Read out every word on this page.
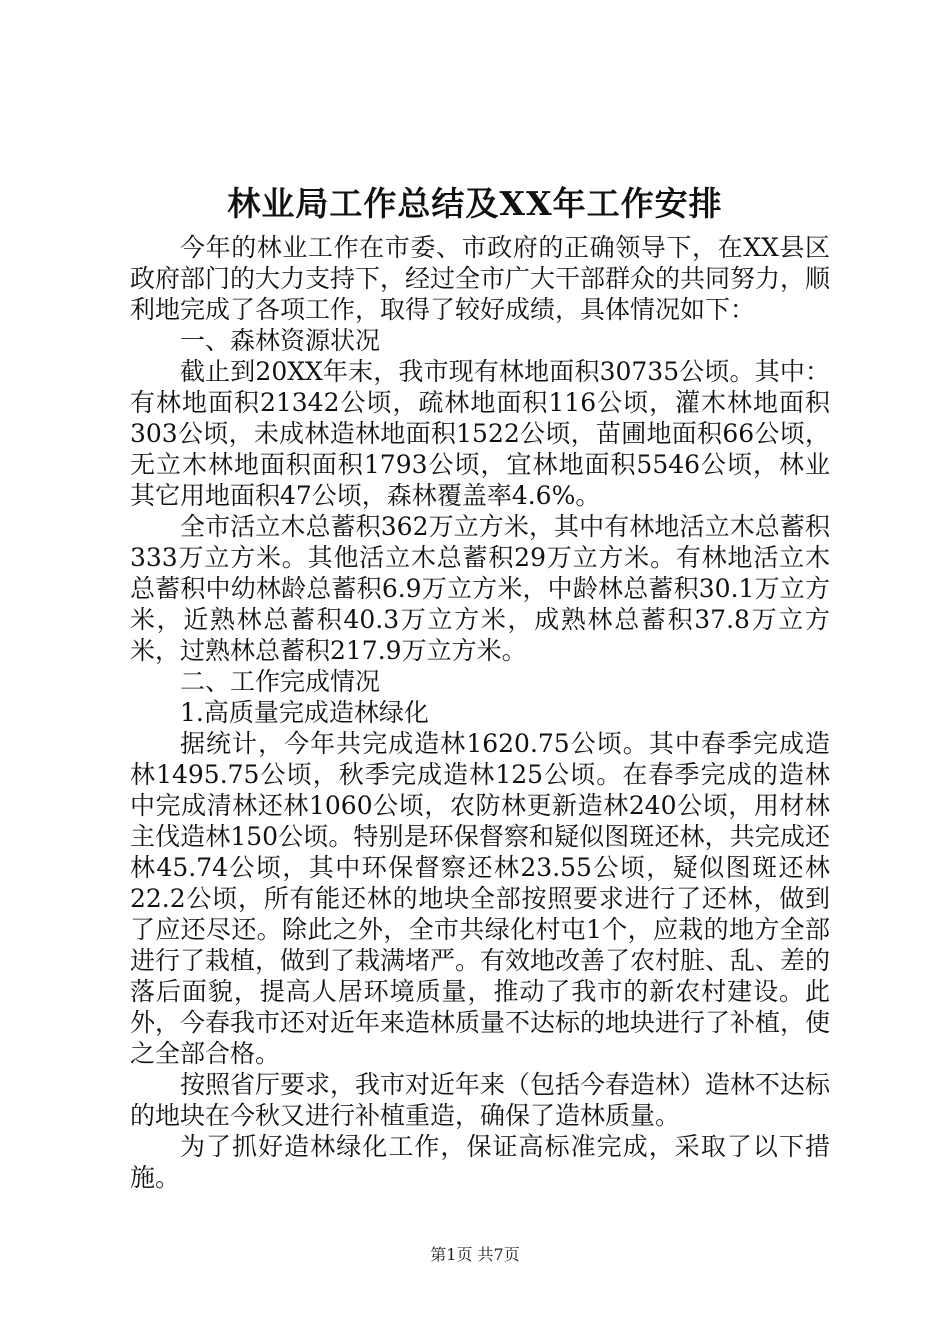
林业局工作总结及XX年工作安排

今年的林业工作在市委、市政府的正确领导下，在XX县区政府部门的大力支持下，经过全市广大干部群众的共同努力，顺利地完成了各项工作，取得了较好成绩，具体情况如下：

一、森林资源状况

截止到20XX年末，我市现有林地面积30735公顷。其中：有林地面积21342公顷，疏林地面积116公顷，灌木林地面积303公顷，未成林造林地面积1522公顷，苗圃地面积66公顷，无立木林地面积面积1793公顷，宜林地面积5546公顷，林业其它用地面积47公顷，森林覆盖率4.6%。

全市活立木总蓄积362万立方米，其中有林地活立木总蓄积333万立方米。其他活立木总蓄积29万立方米。有林地活立木总蓄积中幼林龄总蓄积6.9万立方米，中龄林总蓄积30.1万立方米，近熟林总蓄积40.3万立方米，成熟林总蓄积37.8万立方米，过熟林总蓄积217.9万立方米。

二、工作完成情况

1.高质量完成造林绿化

据统计，今年共完成造林1620.75公顷。其中春季完成造林1495.75公顷，秋季完成造林125公顷。在春季完成的造林中完成清林还林1060公顷，农防林更新造林240公顷，用材林主伐造林150公顷。特别是环保督察和疑似图斑还林，共完成还林45.74公顷，其中环保督察还林23.55公顷，疑似图斑还林22.2公顷，所有能还林的地块全部按照要求进行了还林，做到了应还尽还。除此之外，全市共绿化村屯1个，应栽的地方全部进行了栽植，做到了栽满堵严。有效地改善了农村脏、乱、差的落后面貌，提高人居环境质量，推动了我市的新农村建设。此外，今春我市还对近年来造林质量不达标的地块进行了补植，使之全部合格。

按照省厅要求，我市对近年来（包括今春造林）造林不达标的地块在今秋又进行补植重造，确保了造林质量。

为了抓好造林绿化工作，保证高标准完成，采取了以下措施。

第1页 共7页
